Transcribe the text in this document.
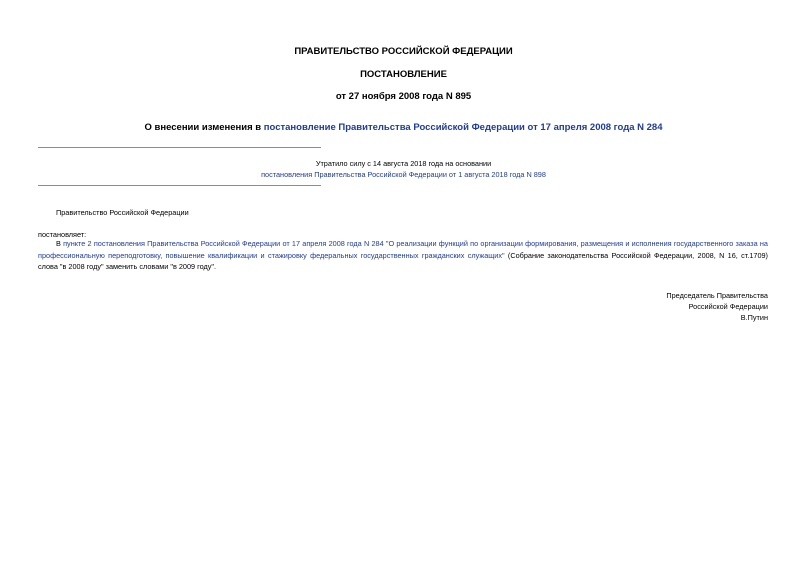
ПРАВИТЕЛЬСТВО РОССИЙСКОЙ ФЕДЕРАЦИИ
ПОСТАНОВЛЕНИЕ
от 27 ноября 2008 года N 895
О внесении изменения в постановление Правительства Российской Федерации от 17 апреля 2008 года N 284
Утратило силу с 14 августа 2018 года на основании
постановления Правительства Российской Федерации от 1 августа 2018 года N 898
Правительство Российской Федерации
постановляет:
В пункте 2 постановления Правительства Российской Федерации от 17 апреля 2008 года N 284 "О реализации функций по организации формирования, размещения и исполнения государственного заказа на профессиональную переподготовку, повышение квалификации и стажировку федеральных государственных гражданских служащих" (Собрание законодательства Российской Федерации, 2008, N 16, ст.1709) слова "в 2008 году" заменить словами "в 2009 году".
Председатель Правительства
Российской Федерации
В.Путин
